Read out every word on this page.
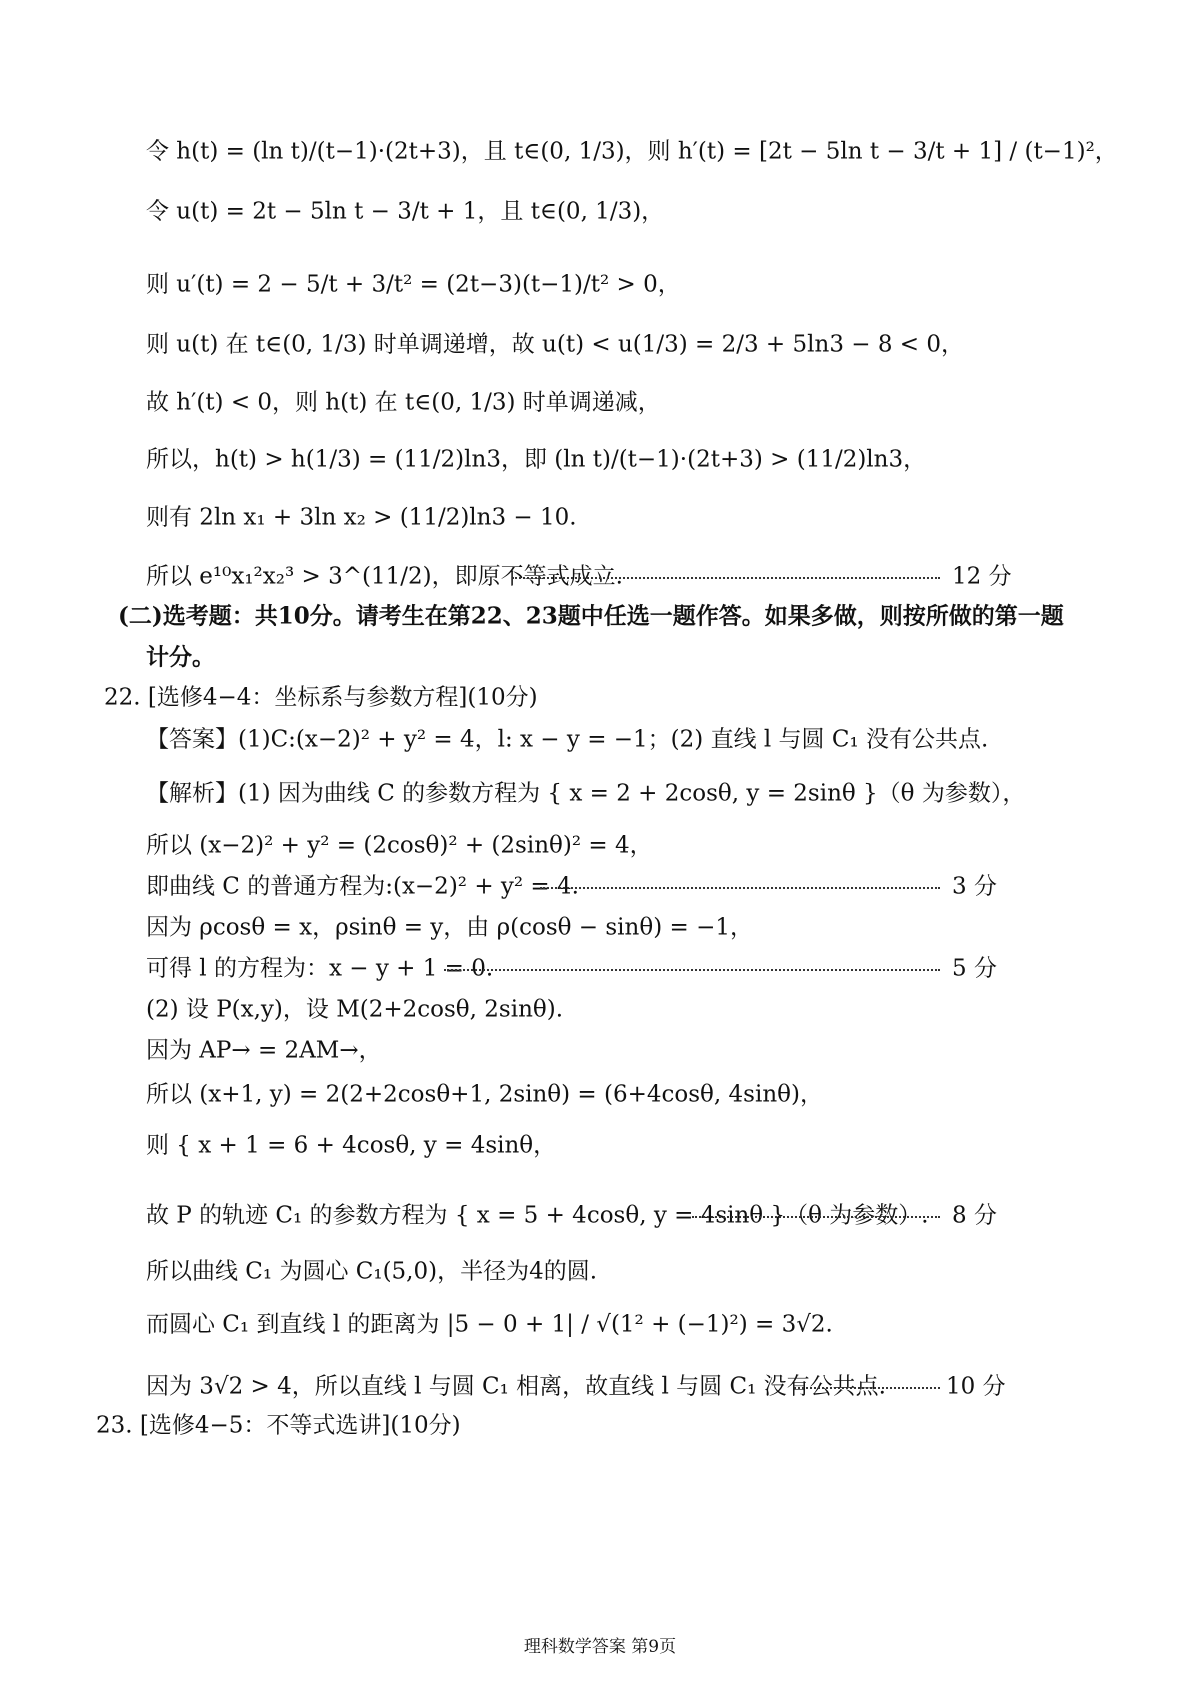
令 h(t) = (ln t)/(t−1)·(2t+3)，且 t∈(0, 1/3)，则 h′(t) = [2t − 5ln t − 3/t + 1] / (t−1)²，
令 u(t) = 2t − 5ln t − 3/t + 1，且 t∈(0, 1/3)，
则 u′(t) = 2 − 5/t + 3/t² = (2t−3)(t−1)/t² > 0，
则 u(t) 在 t∈(0, 1/3) 时单调递增，故 u(t) < u(1/3) = 2/3 + 5ln3 − 8 < 0，
故 h′(t) < 0，则 h(t) 在 t∈(0, 1/3) 时单调递减，
所以，h(t) > h(1/3) = (11/2)ln3，即 (ln t)/(t−1)·(2t+3) > (11/2)ln3，
则有 2ln x₁ + 3ln x₂ > (11/2)ln3 − 10.
所以 e¹⁰x₁²x₂³ > 3^(11/2)，即原不等式成立.	12 分
(二)选考题：共10分。请考生在第22、23题中任选一题作答。如果多做，则按所做的第一题
计分。
22. [选修4−4：坐标系与参数方程](10分)
【答案】(1)C:(x−2)² + y² = 4，l: x − y = −1；(2) 直线 l 与圆 C₁ 没有公共点.
【解析】(1) 因为曲线 C 的参数方程为 { x = 2 + 2cosθ, y = 2sinθ }（θ 为参数），
所以 (x−2)² + y² = (2cosθ)² + (2sinθ)² = 4，
即曲线 C 的普通方程为:(x−2)² + y² = 4.	3 分
因为 ρcosθ = x，ρsinθ = y，由 ρ(cosθ − sinθ) = −1，
可得 l 的方程为：x − y + 1 = 0.	5 分
(2) 设 P(x,y)，设 M(2+2cosθ, 2sinθ).
因为 AP→ = 2AM→，
所以 (x+1, y) = 2(2+2cosθ+1, 2sinθ) = (6+4cosθ, 4sinθ)，
则 { x + 1 = 6 + 4cosθ, y = 4sinθ，
故 P 的轨迹 C₁ 的参数方程为 { x = 5 + 4cosθ, y = 4sinθ }（θ 为参数）. 8 分
所以曲线 C₁ 为圆心 C₁(5,0)，半径为4的圆.
而圆心 C₁ 到直线 l 的距离为 |5 − 0 + 1| / √(1² + (−1)²) = 3√2.
因为 3√2 > 4，所以直线 l 与圆 C₁ 相离，故直线 l 与圆 C₁ 没有公共点.	10 分
23. [选修4−5：不等式选讲](10分)
理科数学答案 第9页
